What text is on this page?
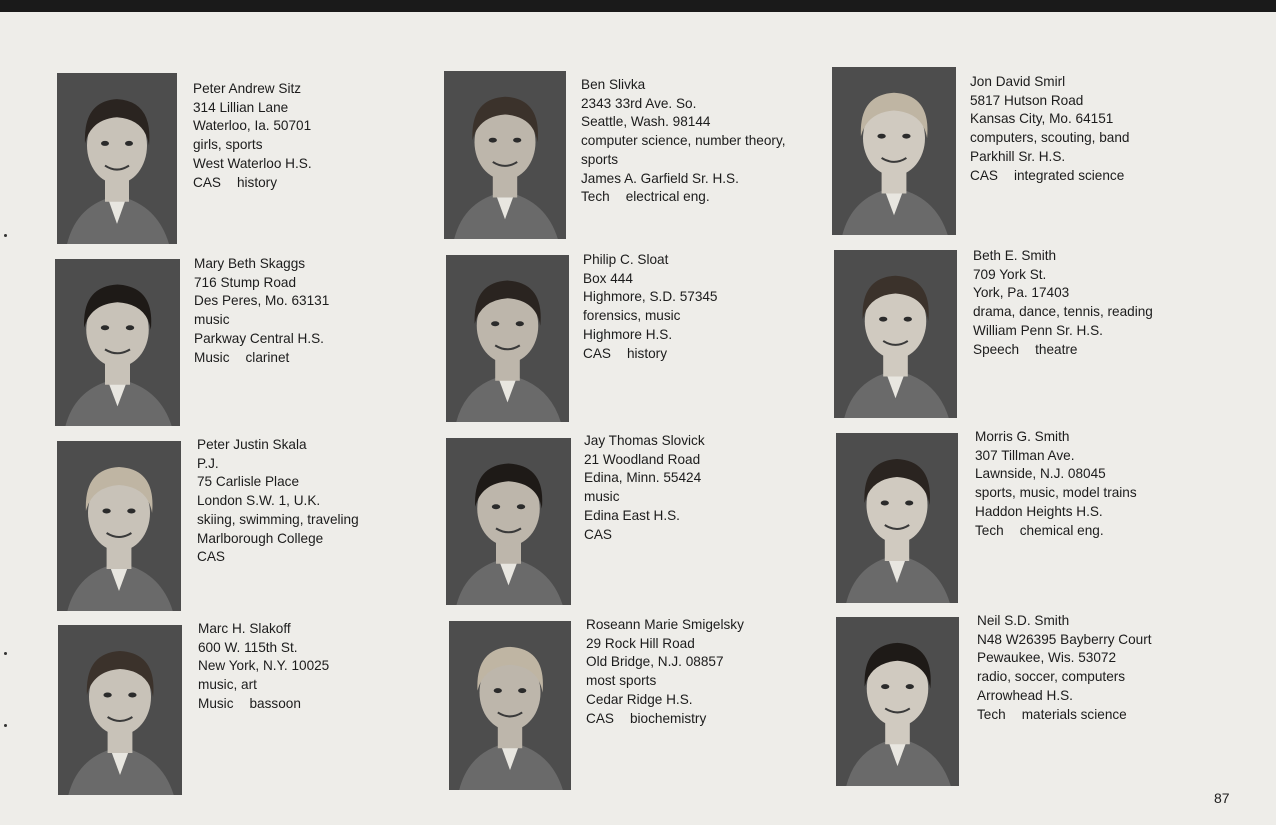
Peter Andrew Sitz
314 Lillian Lane
Waterloo, Ia. 50701
girls, sports
West Waterloo H.S.
CAS history
Ben Slivka
2343 33rd Ave. So.
Seattle, Wash. 98144
computer science, number theory,
sports
James A. Garfield Sr. H.S.
Tech electrical eng.
Jon David Smirl
5817 Hutson Road
Kansas City, Mo. 64151
computers, scouting, band
Parkhill Sr. H.S.
CAS integrated science
Mary Beth Skaggs
716 Stump Road
Des Peres, Mo. 63131
music
Parkway Central H.S.
Music clarinet
Philip C. Sloat
Box 444
Highmore, S.D. 57345
forensics, music
Highmore H.S.
CAS history
Beth E. Smith
709 York St.
York, Pa. 17403
drama, dance, tennis, reading
William Penn Sr. H.S.
Speech theatre
Peter Justin Skala
P.J.
75 Carlisle Place
London S.W. 1, U.K.
skiing, swimming, traveling
Marlborough College
CAS
Jay Thomas Slovick
21 Woodland Road
Edina, Minn. 55424
music
Edina East H.S.
CAS
Morris G. Smith
307 Tillman Ave.
Lawnside, N.J. 08045
sports, music, model trains
Haddon Heights H.S.
Tech chemical eng.
Marc H. Slakoff
600 W. 115th St.
New York, N.Y. 10025
music, art
Music bassoon
Roseann Marie Smigelsky
29 Rock Hill Road
Old Bridge, N.J. 08857
most sports
Cedar Ridge H.S.
CAS biochemistry
Neil S.D. Smith
N48 W26395 Bayberry Court
Pewaukee, Wis. 53072
radio, soccer, computers
Arrowhead H.S.
Tech materials science
87
